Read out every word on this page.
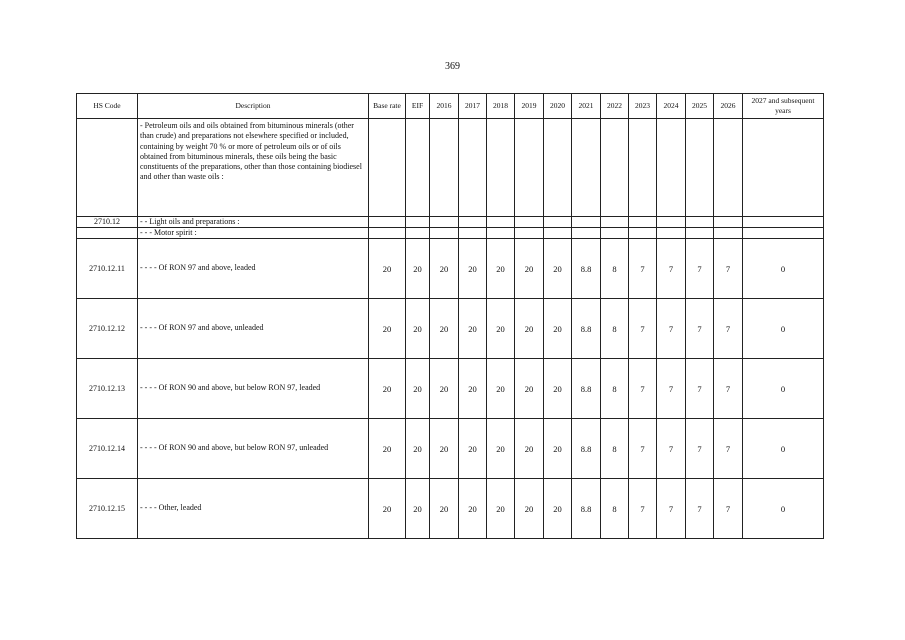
369
HS Code	Description	Base rate	EIF	2016	2017	2018	2019	2020	2021	2022	2023	2024	2025	2026	2027 and subsequent years
	- Petroleum oils and oils obtained from bituminous minerals (other than crude) and preparations not elsewhere specified or included, containing by weight 70 % or more of petroleum oils or of oils obtained from bituminous minerals, these oils being the basic constituents of the preparations, other than those containing biodiesel and other than waste oils :														
2710.12	- - Light oils and preparations :														
	- - - Motor spirit :														
2710.12.11	- - - - Of RON 97 and above, leaded	20	20	20	20	20	20	20	8.8	8	7	7	7	7	0
2710.12.12	- - - - Of RON 97 and above, unleaded	20	20	20	20	20	20	20	8.8	8	7	7	7	7	0
2710.12.13	- - - - Of RON 90 and above, but below RON 97, leaded	20	20	20	20	20	20	20	8.8	8	7	7	7	7	0
2710.12.14	- - - - Of RON 90 and above, but below RON 97, unleaded	20	20	20	20	20	20	20	8.8	8	7	7	7	7	0
2710.12.15	- - - - Other, leaded	20	20	20	20	20	20	20	8.8	8	7	7	7	7	0
